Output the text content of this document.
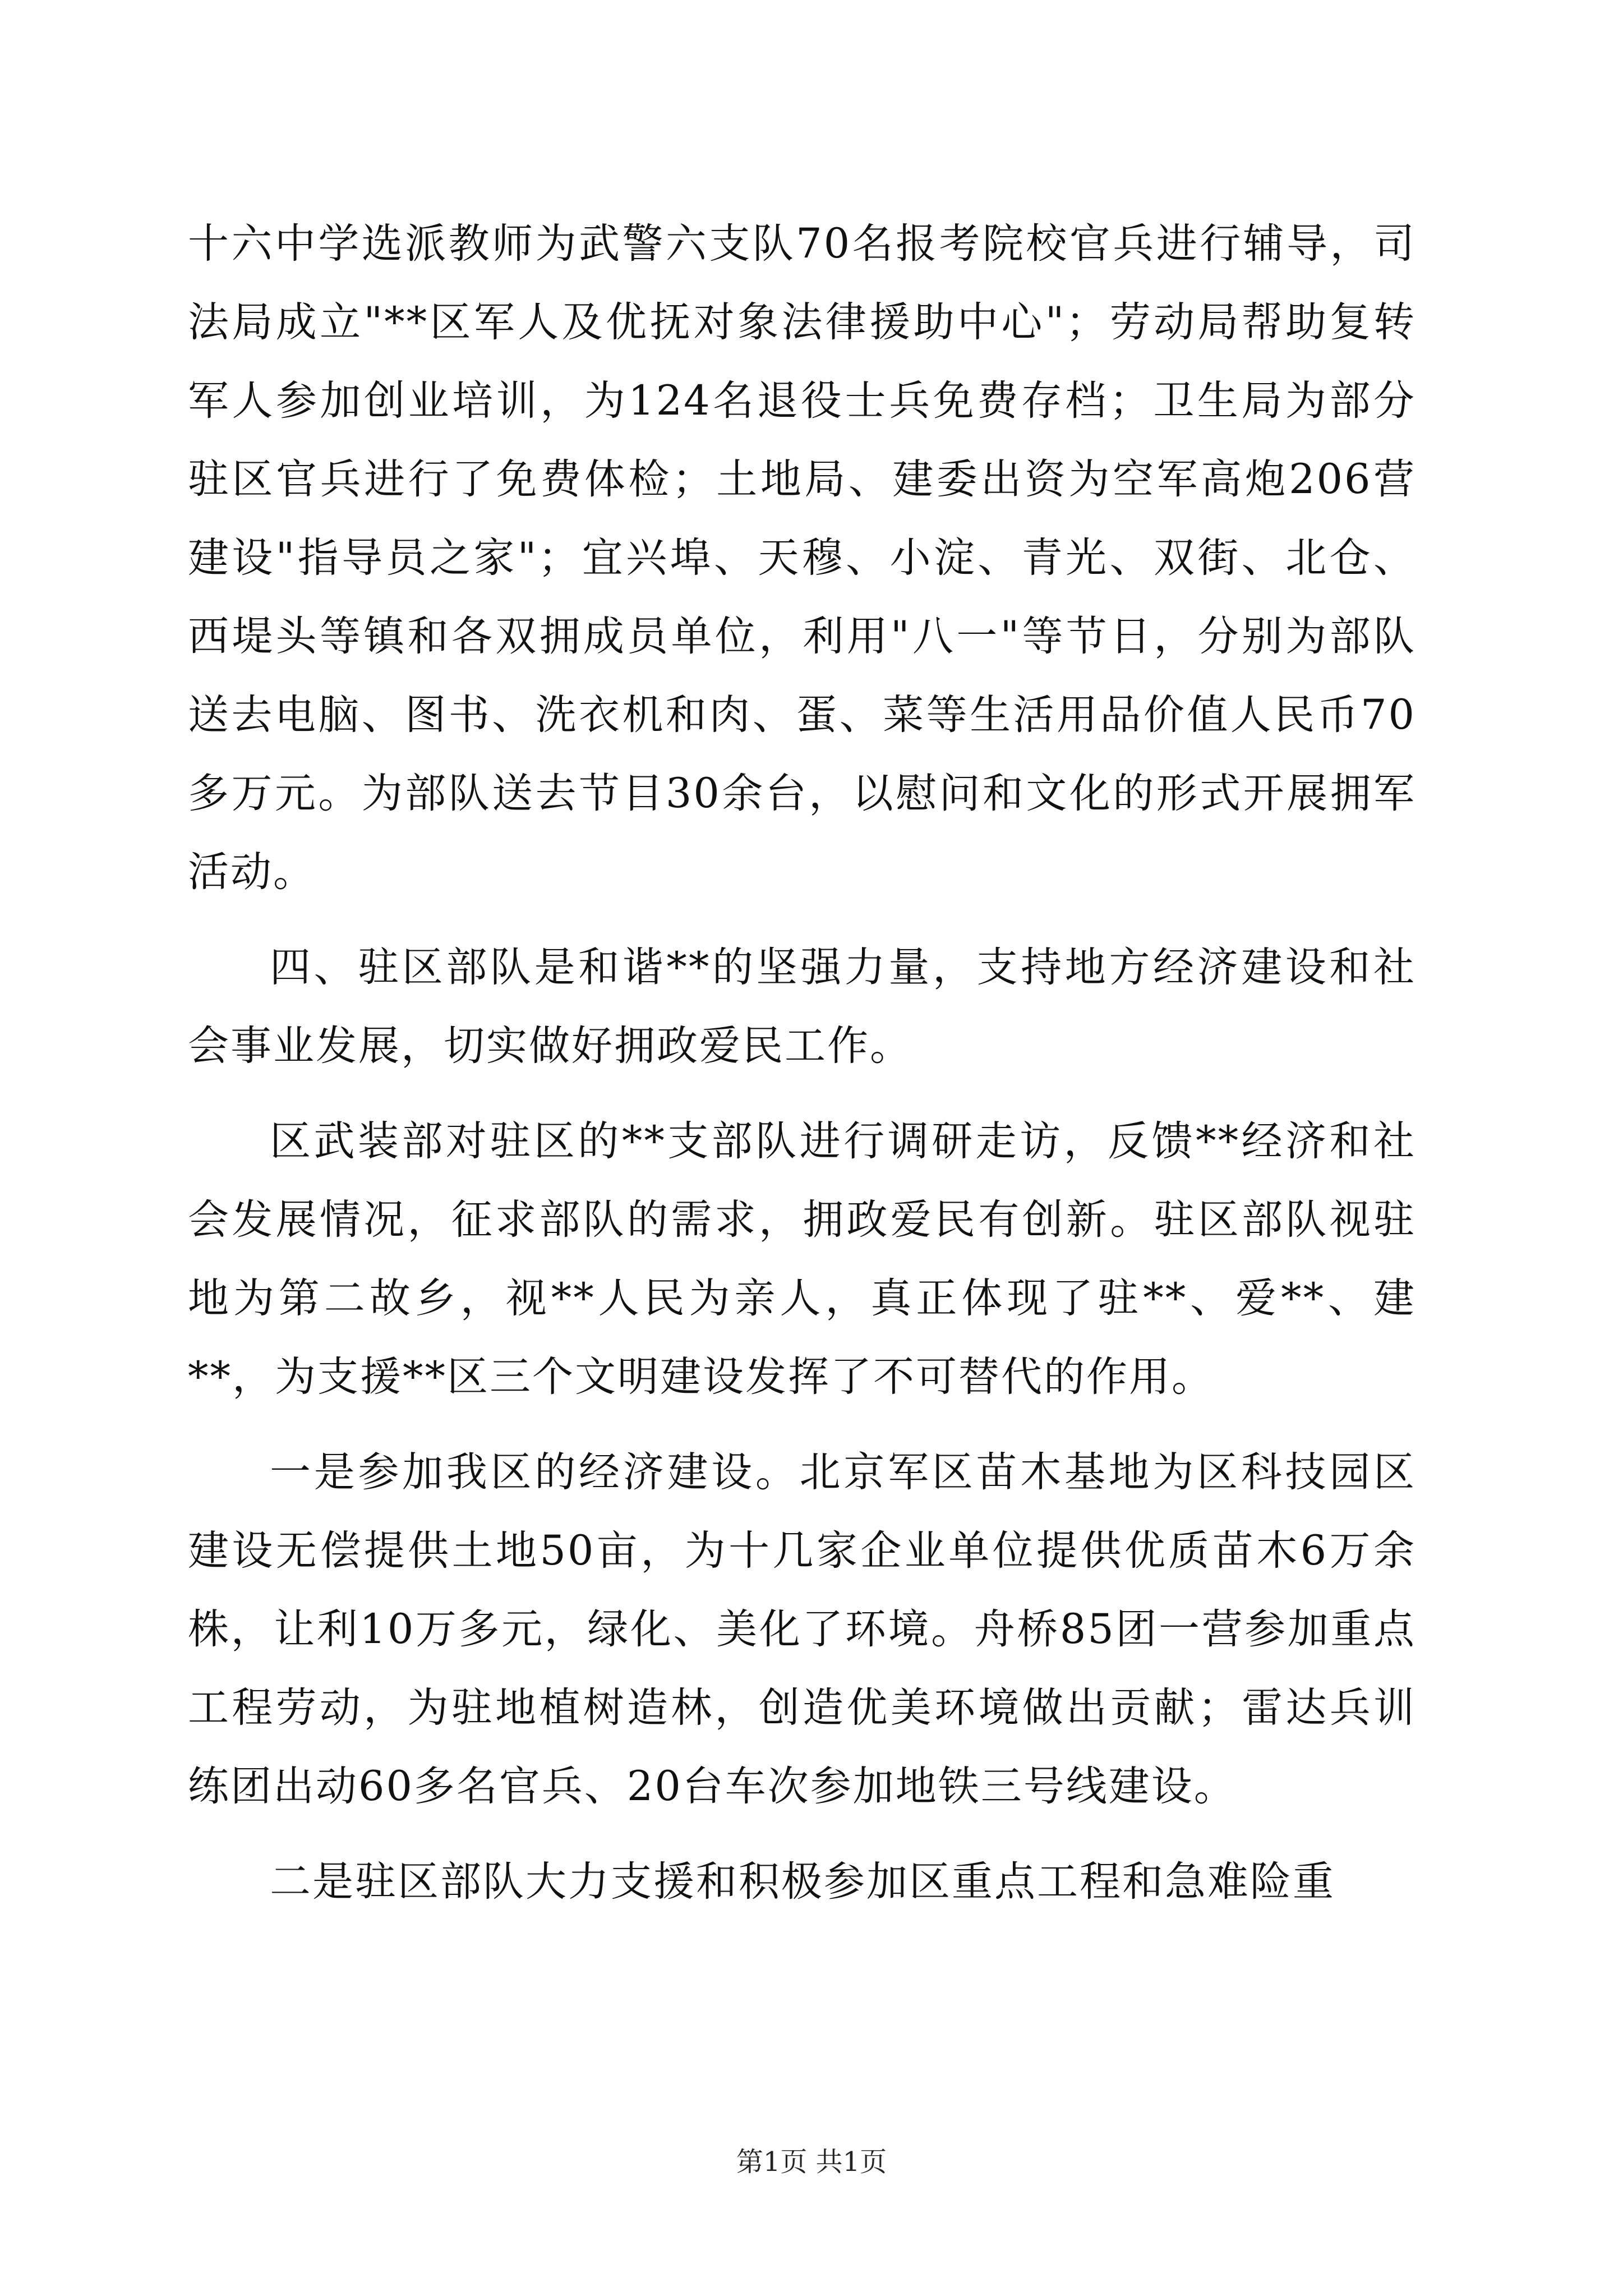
十六中学选派教师为武警六支队70名报考院校官兵进行辅导，司法局成立"**区军人及优抚对象法律援助中心"；劳动局帮助复转军人参加创业培训，为124名退役士兵免费存档；卫生局为部分驻区官兵进行了免费体检；土地局、建委出资为空军高炮206营建设"指导员之家"；宜兴埠、天穆、小淀、青光、双街、北仓、西堤头等镇和各双拥成员单位，利用"八一"等节日，分别为部队送去电脑、图书、洗衣机和肉、蛋、菜等生活用品价值人民币70多万元。为部队送去节目30余台，以慰问和文化的形式开展拥军活动。

四、驻区部队是和谐**的坚强力量，支持地方经济建设和社会事业发展，切实做好拥政爱民工作。

区武装部对驻区的**支部队进行调研走访，反馈**经济和社会发展情况，征求部队的需求，拥政爱民有创新。驻区部队视驻地为第二故乡，视**人民为亲人，真正体现了驻**、爱**、建**，为支援**区三个文明建设发挥了不可替代的作用。

一是参加我区的经济建设。北京军区苗木基地为区科技园区建设无偿提供土地50亩，为十几家企业单位提供优质苗木6万余株，让利10万多元，绿化、美化了环境。舟桥85团一营参加重点工程劳动，为驻地植树造林，创造优美环境做出贡献；雷达兵训练团出动60多名官兵、20台车次参加地铁三号线建设。

二是驻区部队大力支援和积极参加区重点工程和急难险重

第1页 共1页
